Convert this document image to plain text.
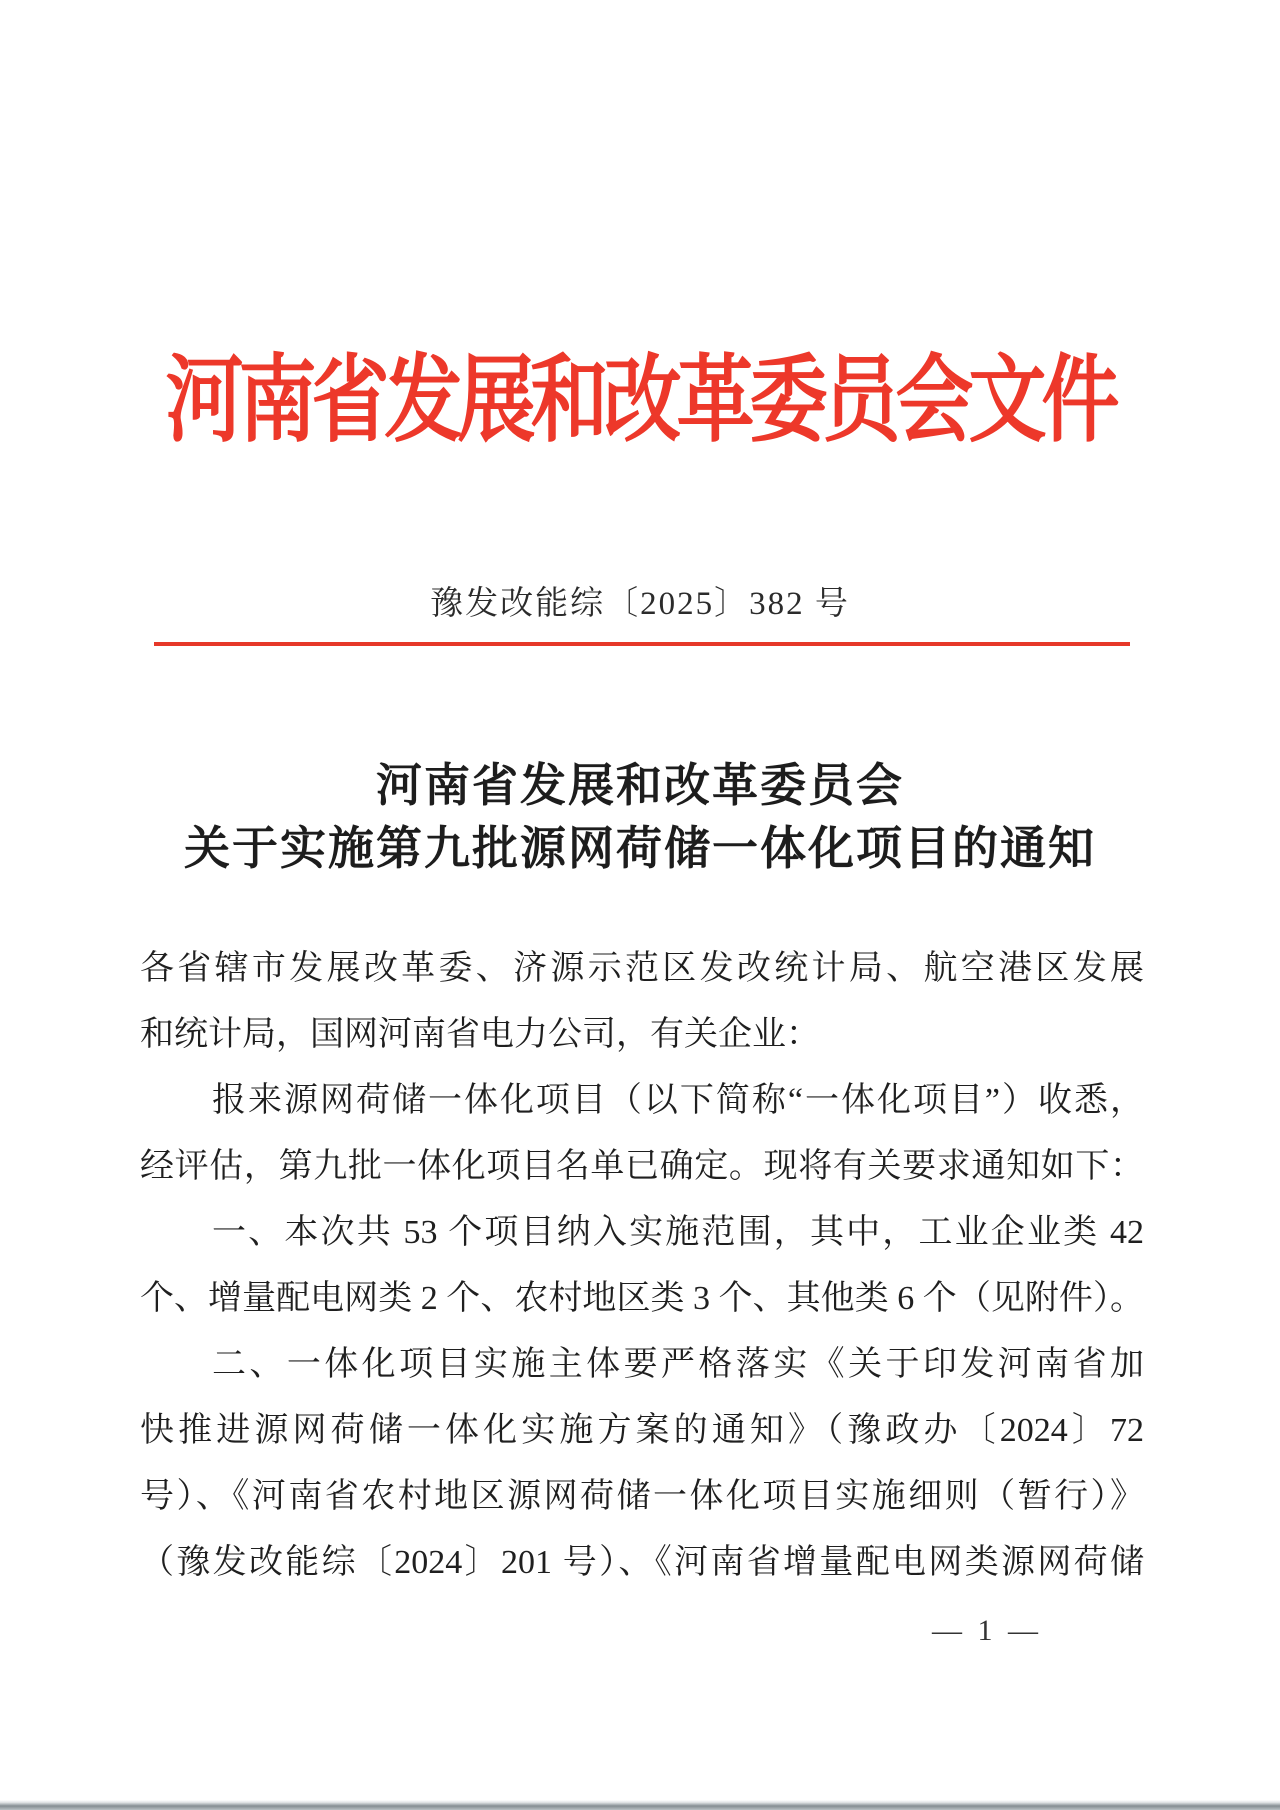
河南省发展和改革委员会文件
豫发改能综〔2025〕382 号
河南省发展和改革委员会
关于实施第九批源网荷储一体化项目的通知
各省辖市发展改革委、济源示范区发改统计局、航空港区发展
和统计局，国网河南省电力公司，有关企业：
报来源网荷储一体化项目（以下简称“一体化项目”）收悉，
经评估，第九批一体化项目名单已确定。现将有关要求通知如下：
一、本次共 53 个项目纳入实施范围，其中，工业企业类 42
个、增量配电网类 2 个、农村地区类 3 个、其他类 6 个（见附件）。
二、一体化项目实施主体要严格落实《关于印发河南省加
快推进源网荷储一体化实施方案的通知》（豫政办〔2024〕72
号）、《河南省农村地区源网荷储一体化项目实施细则（暂行）》
（豫发改能综〔2024〕201 号）、《河南省增量配电网类源网荷储
— 1 —
